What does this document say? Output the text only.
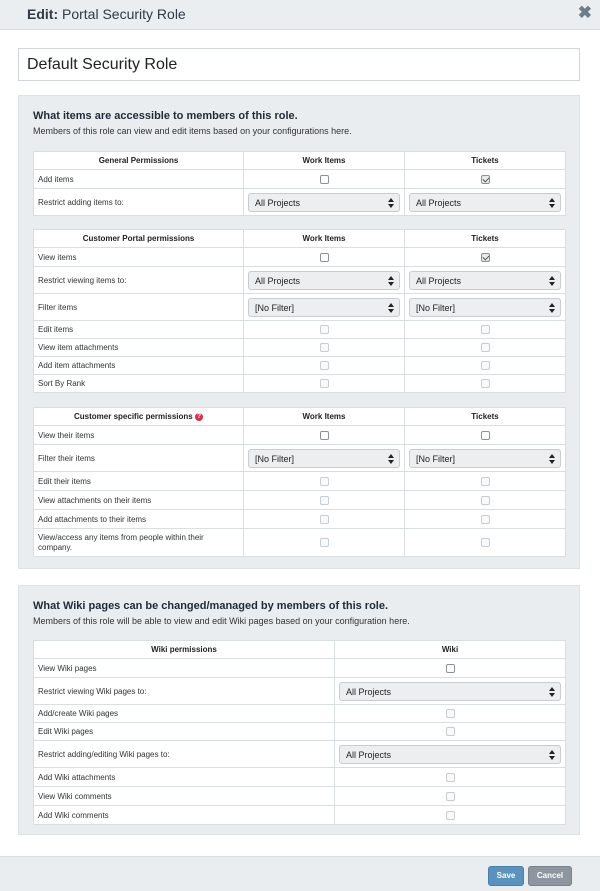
Edit: Portal Security Role	✖
Default Security Role
What items are accessible to members of this role.
Members of this role can view and edit items based on your configurations here.
General Permissions	Work Items	Tickets
Add items		
Restrict adding items to:	All Projects	All Projects
Customer Portal permissions	Work Items	Tickets
View items		
Restrict viewing items to:	All Projects	All Projects

Filter items	[No Filter]	[No Filter]

Edit items		
View item attachments		
Add item attachments		
Sort By Rank		
Customer specific permissions ?	Work Items	Tickets
View their items		
Filter their items	[No Filter]	[No Filter]

Edit their items		
View attachments on their items		
Add attachments to their items		
View/access any items from people within their company.		
What Wiki pages can be changed/managed by members of this role.
Members of this role will be able to view and edit Wiki pages based on your configuration here.
Wiki permissions	Wiki
View Wiki pages	
Restrict viewing Wiki pages to:	All Projects

Add/create Wiki pages	
Edit Wiki pages	
Restrict adding/editing Wiki pages to:	All Projects

Add Wiki attachments	
View Wiki comments	
Add Wiki comments	
Save	Cancel
